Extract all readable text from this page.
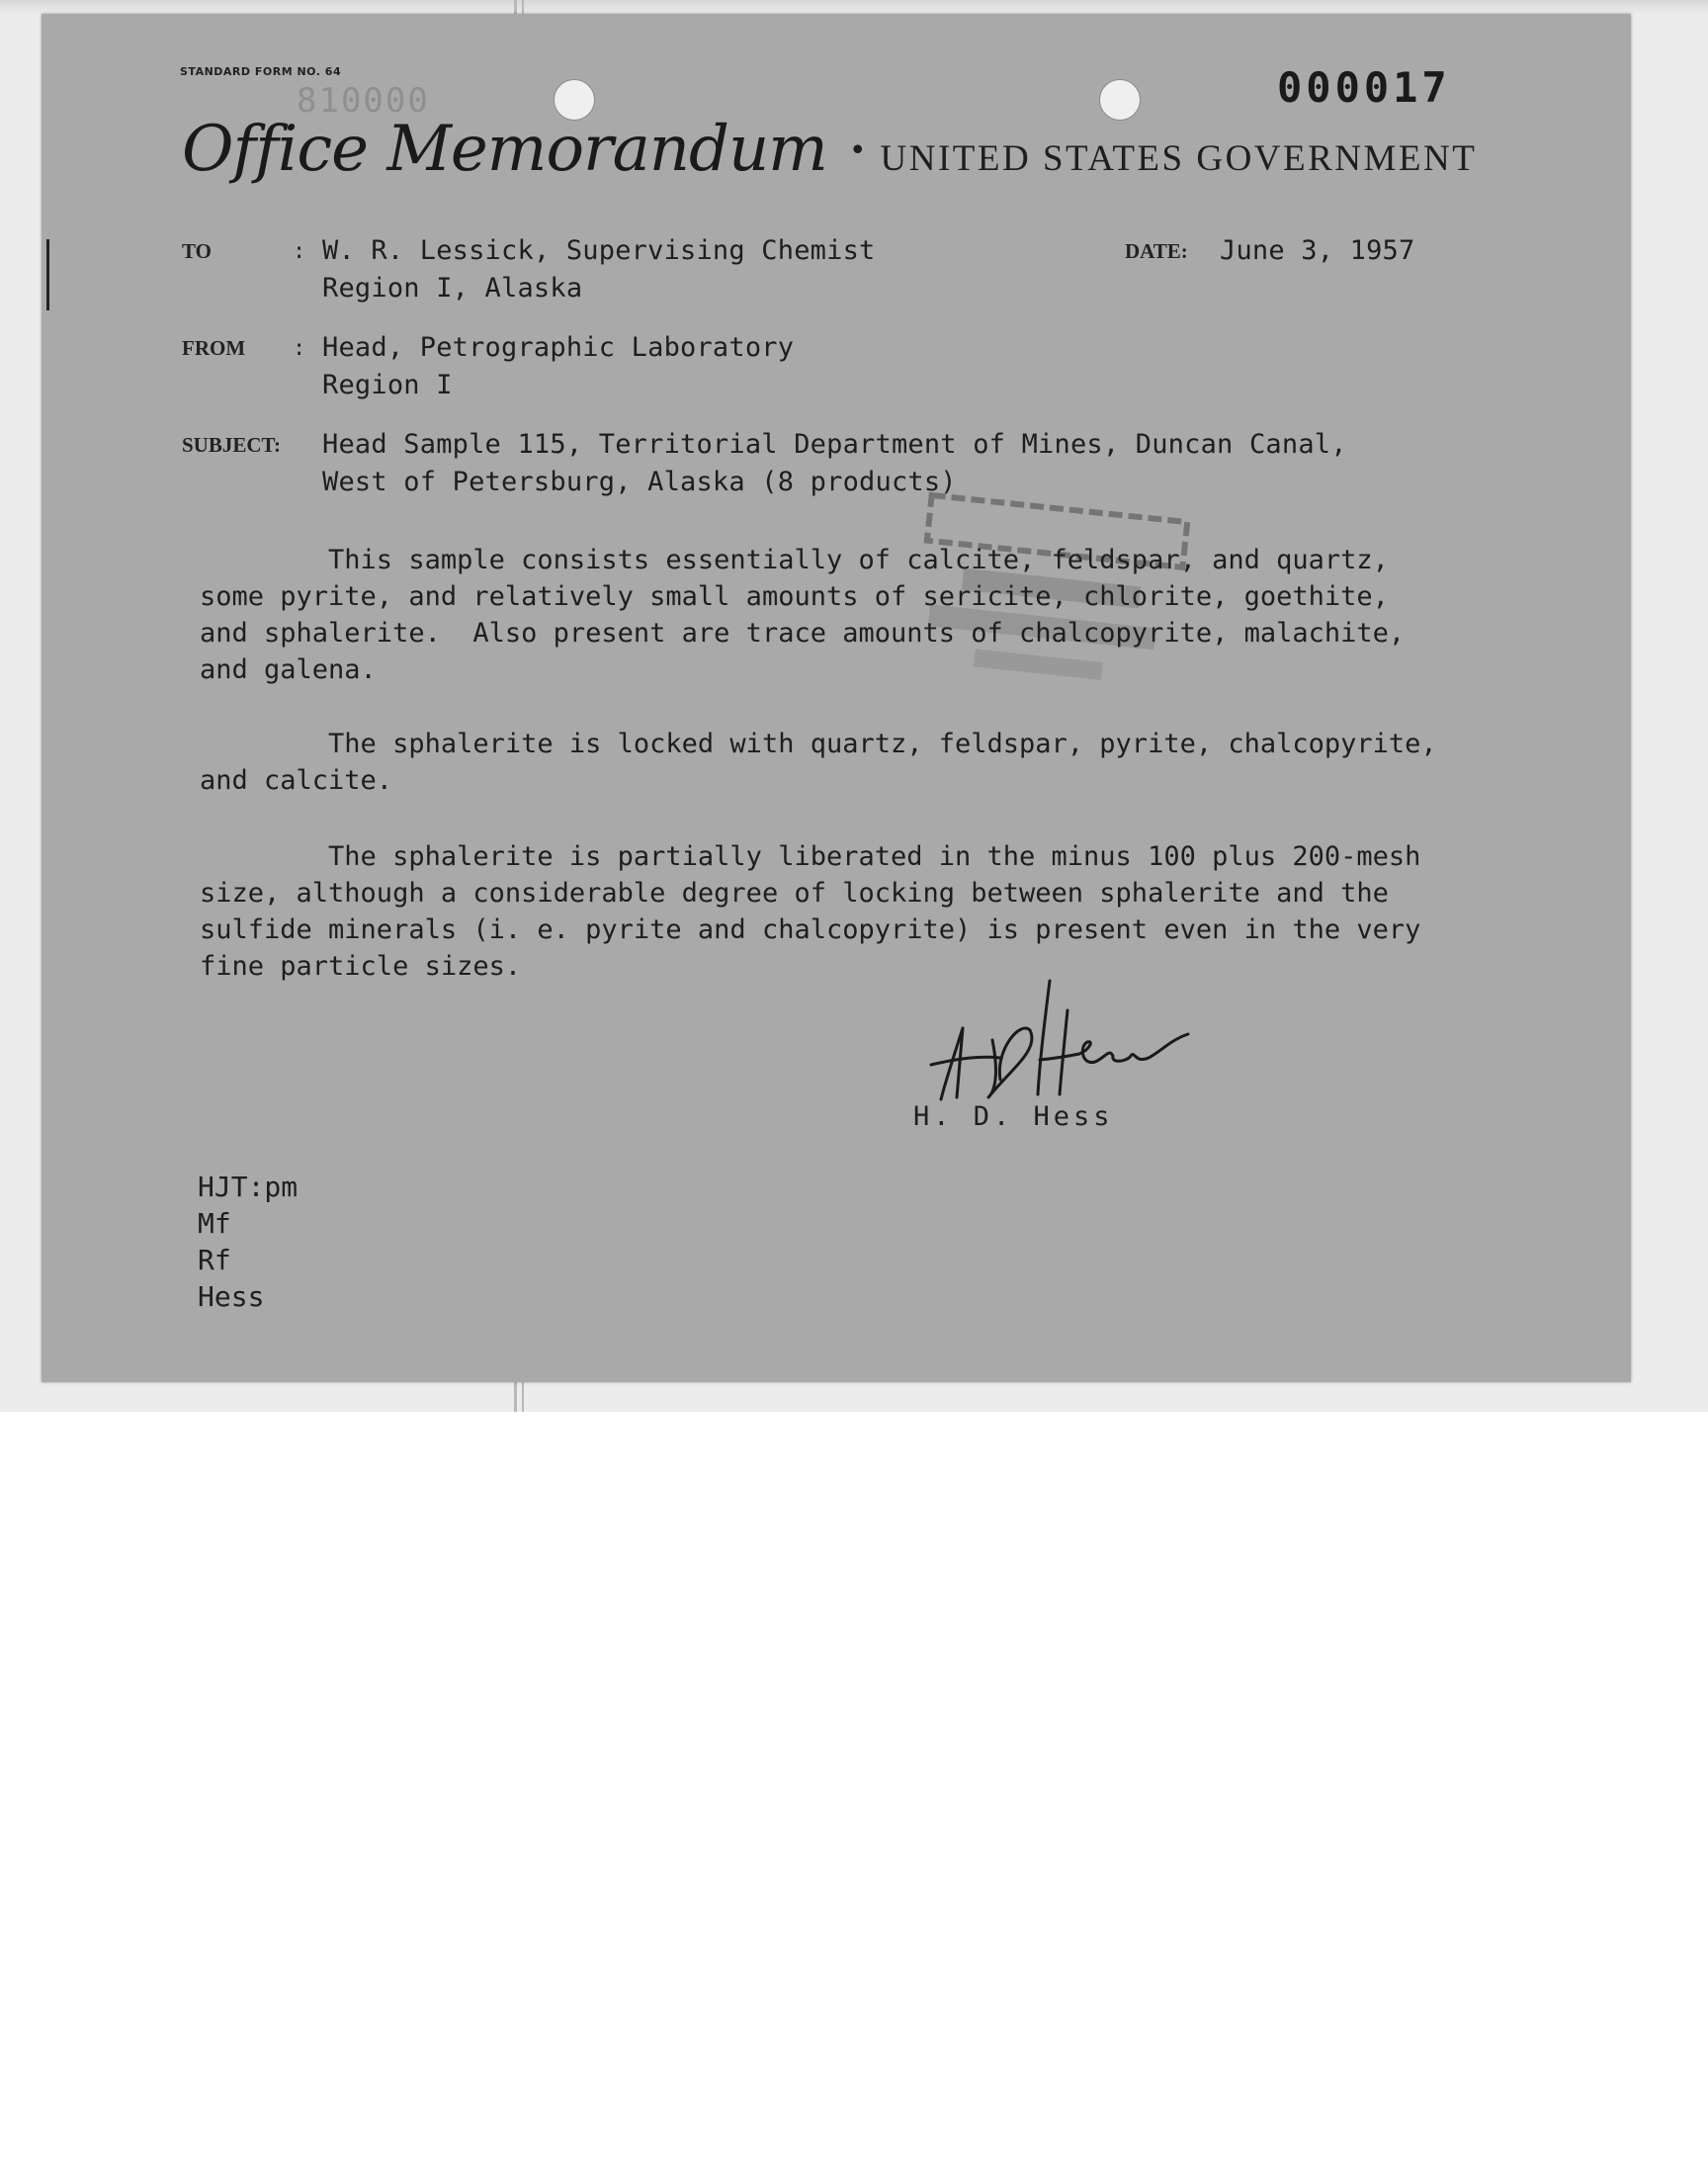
STANDARD FORM NO. 64
810000	000017
Office Memorandum • UNITED STATES GOVERNMENT
TO	: W. R. Lessick, Supervising Chemist
Region I, Alaska
DATE: June 3, 1957
FROM : Head, Petrographic Laboratory
Region I
SUBJECT: Head Sample 115, Territorial Department of Mines, Duncan Canal,
West of Petersburg, Alaska (8 products)
This sample consists essentially of calcite, feldspar, and quartz,
some pyrite, and relatively small amounts of sericite, chlorite, goethite,
and sphalerite.  Also present are trace amounts of chalcopyrite, malachite,
and galena.
The sphalerite is locked with quartz, feldspar, pyrite, chalcopyrite,
and calcite.
The sphalerite is partially liberated in the minus 100 plus 200-mesh
size, although a considerable degree of locking between sphalerite and the
sulfide minerals (i. e. pyrite and chalcopyrite) is present even in the very
fine particle sizes.
H. D. Hess
HJT:pm
Mf
Rf
Hess
